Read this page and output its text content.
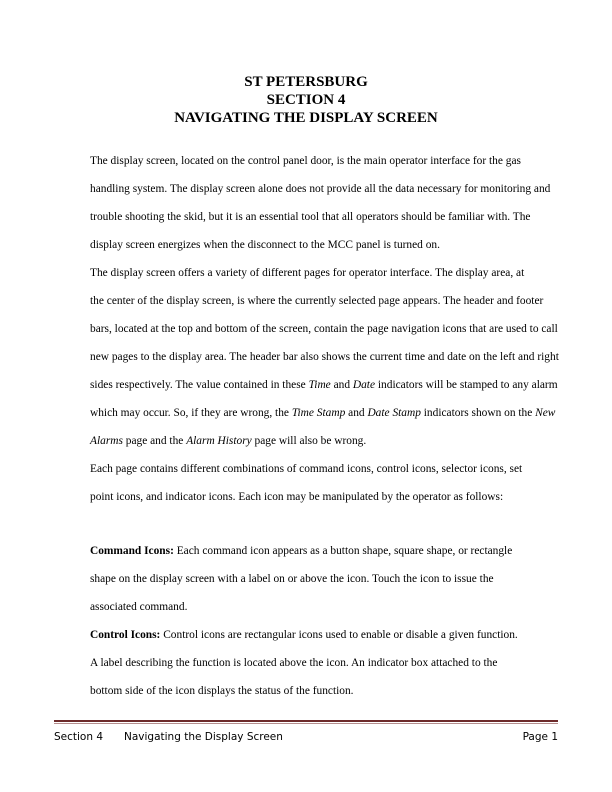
ST PETERSBURG
SECTION 4
NAVIGATING THE DISPLAY SCREEN

The display screen, located on the control panel door, is the main operator interface for the gas
handling system. The display screen alone does not provide all the data necessary for monitoring and
trouble shooting the skid, but it is an essential tool that all operators should be familiar with. The
display screen energizes when the disconnect to the MCC panel is turned on.

The display screen offers a variety of different pages for operator interface. The display area, at
the center of the display screen, is where the currently selected page appears. The header and footer
bars, located at the top and bottom of the screen, contain the page navigation icons that are used to call
new pages to the display area. The header bar also shows the current time and date on the left and right
sides respectively. The value contained in these Time and Date indicators will be stamped to any alarm
which may occur. So, if they are wrong, the Time Stamp and Date Stamp indicators shown on the New
Alarms page and the Alarm History page will also be wrong.

Each page contains different combinations of command icons, control icons, selector icons, set
point icons, and indicator icons. Each icon may be manipulated by the operator as follows:

Command Icons: Each command icon appears as a button shape, square shape, or rectangle
shape on the display screen with a label on or above the icon. Touch the icon to issue the
associated command.
Control Icons: Control icons are rectangular icons used to enable or disable a given function.
A label describing the function is located above the icon. An indicator box attached to the
bottom side of the icon displays the status of the function.
Section 4 Navigating the Display Screen	Page 1
